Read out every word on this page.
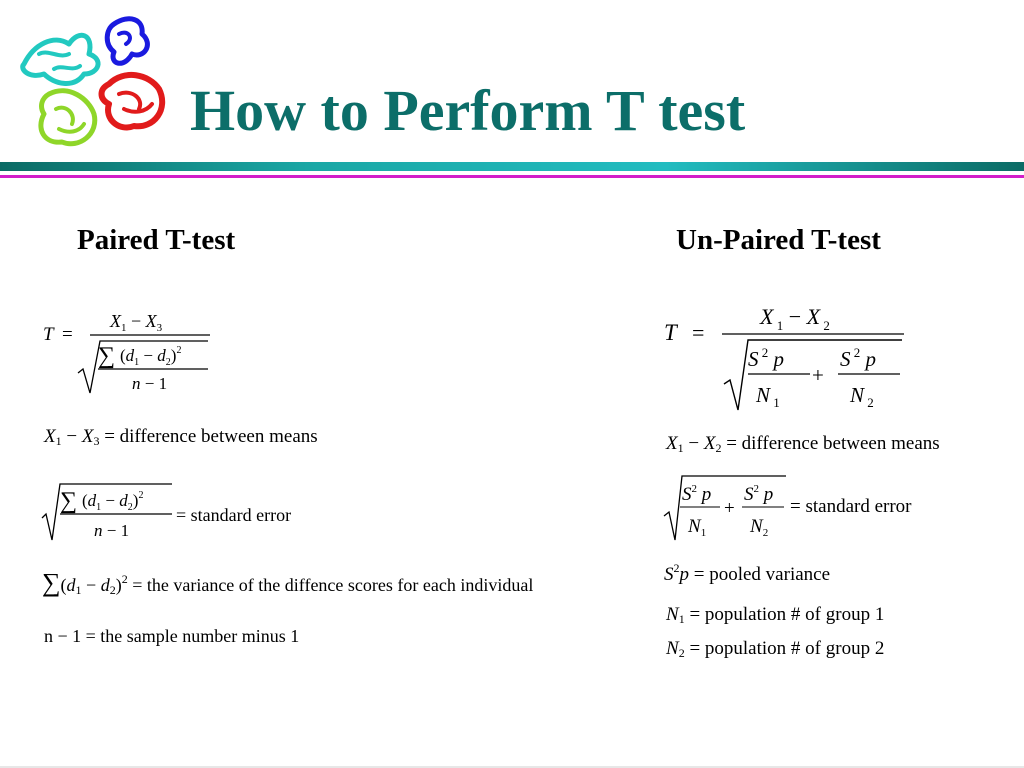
How to Perform T test
Paired T-test
T =
$X_1 - X_3$
∑ $(d_1 - d_2)^2$
n − 1
$X_1 - X_3$ = difference between means
∑ $(d_1 - d_2)^2$
n − 1
= standard error
$\sum(d_1 - d_2)^2$ = the variance of the diffence scores for each individual
n − 1 = the sample number minus 1
Un-Paired T-test
T =
X $_1$ − X $_2$
S $^2$ p
N $_1$
+
S $^2$ p
N $_2$
$X_1 - X_2$ = difference between means
$S^2$ p
$N_1$
+
$S^2$ p
$N_2$
= standard error
$S^2p$ = pooled variance
$N_1$ = population # of group 1
$N_2$ = population # of group 2
